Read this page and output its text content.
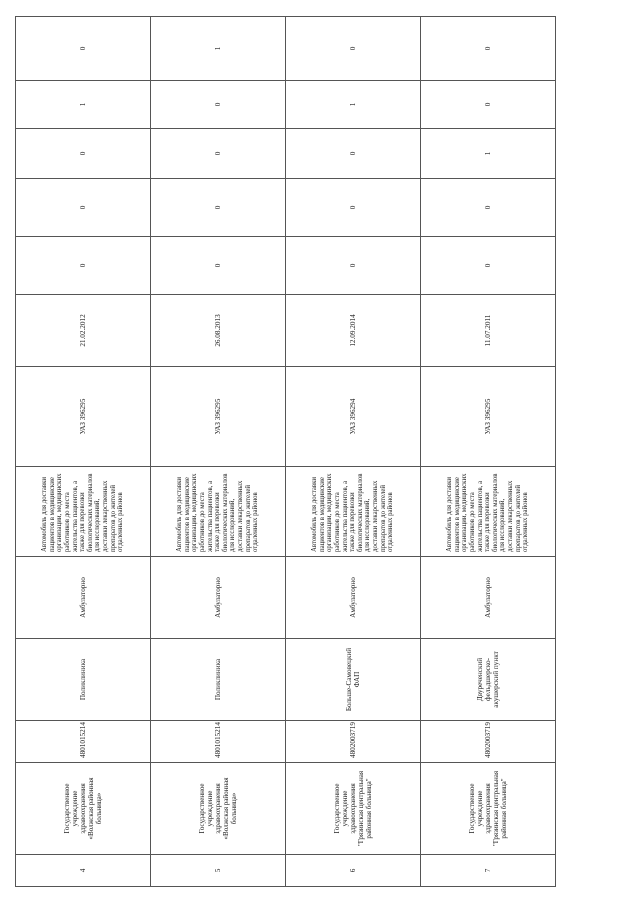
4	Государственное учреждение здравоохранения «Волжская районная больница»	4801015214	Поликлиника	Амбулаторно	Автомобиль для доставки пациентов в медицинские организации, медицинских работников до места жительства пациентов, а также для перевозки биологических материалов для исследований, доставки лекарственных препаратов до жителей отдаленных районов	УАЗ 396295	21.02.2012	0	0	0	1	0
5	Государственное учреждение здравоохранения «Волжская районная больница»	4801015214	Поликлиника	Амбулаторно	Автомобиль для доставки пациентов в медицинские организации, медицинских работников до места жительства пациентов, а также для перевозки биологических материалов для исследований, доставки лекарственных препаратов до жителей отдаленных районов	УАЗ 396295	26.08.2013	0	0	0	0	1
6	Государственное учреждение здравоохранения "Грязинская центральная районная больница"	4802003719	Больше-Самовецкий ФАП	Амбулаторно	Автомобиль для доставки пациентов в медицинские организации, медицинских работников до места жительства пациентов, а также для перевозки биологических материалов для исследований, доставки лекарственных препаратов до жителей отдаленных районов	УАЗ 396294	12.09.2014	0	0	0	1	0
7	Государственное учреждение здравоохранения "Грязинская центральная районная больница"	4802003719	Двуреченский фельдшерско-акушерский пункт	Амбулаторно	Автомобиль для доставки пациентов в медицинские организации, медицинских работников до места жительства пациентов, а также для перевозки биологических материалов для исследований, доставки лекарственных препаратов до жителей отдаленных районов	УАЗ 396295	11.07.2011	0	0	1	0	0
